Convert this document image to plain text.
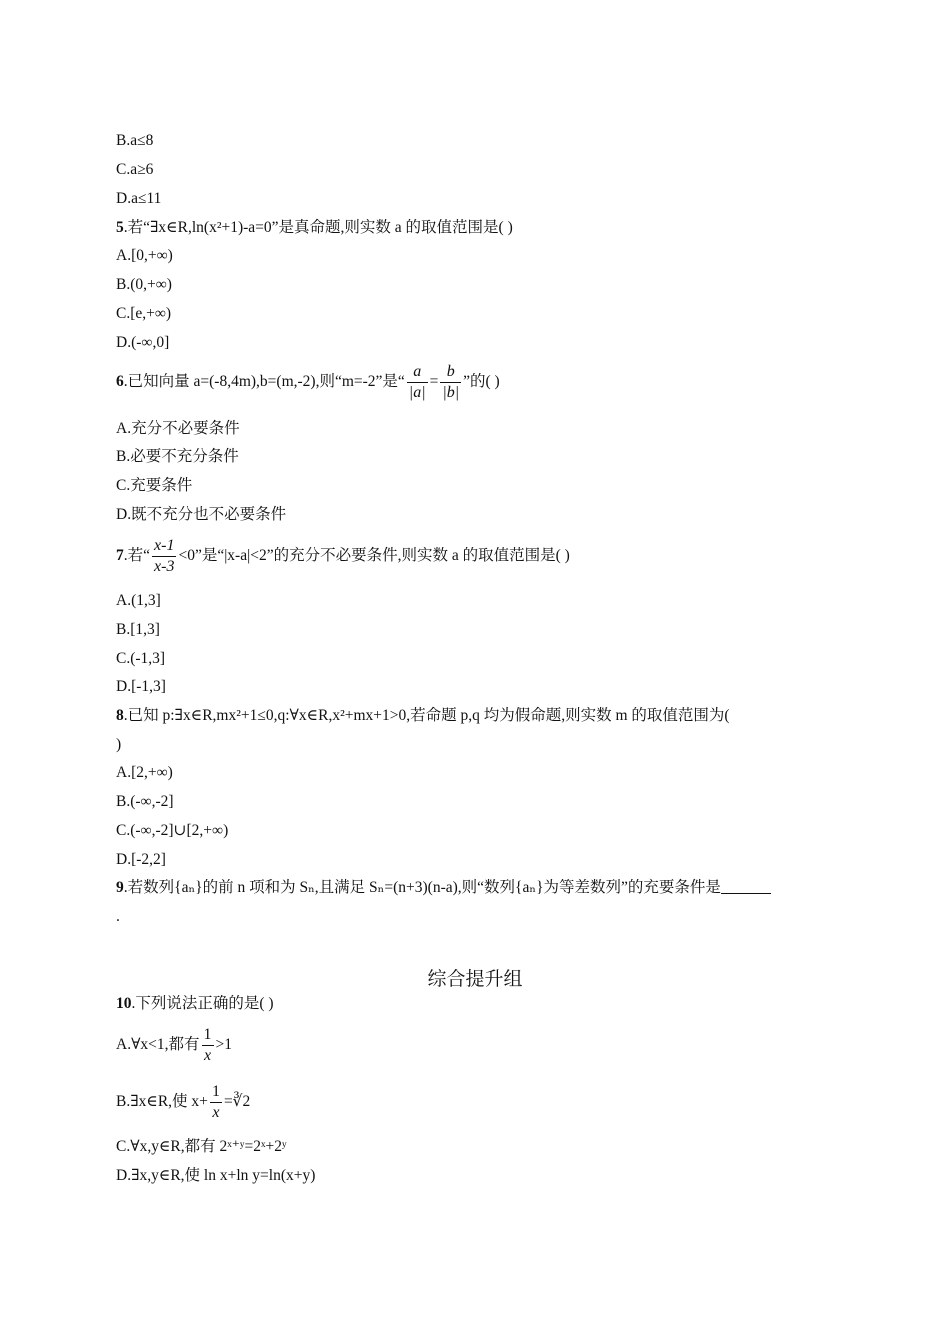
B.a≤8
C.a≥6
D.a≤11
5.若“∃x∈R,ln(x²+1)-a=0”是真命题,则实数 a 的取值范围是( )
A.[0,+∞)
B.(0,+∞)
C.[e,+∞)
D.(-∞,0]
6.已知向量 a=(-8,4m),b=(m,-2),则“m=-2”是“ $\frac{a}{|a|} = \frac{b}{|b|}$ ”的( )
A.充分不必要条件
B.必要不充分条件
C.充要条件
D.既不充分也不必要条件
7.若“ $\frac{x-1}{x-3} <0$”是“|x-a|<2”的充分不必要条件,则实数 a 的取值范围是( )
A.(1,3]
B.[1,3]
C.(-1,3]
D.[-1,3]
8.已知 p:∃x∈R,mx²+1≤0,q:∀x∈R,x²+mx+1>0,若命题 p,q 均为假命题,则实数 m 的取值范围为(
)
A.[2,+∞)
B.(-∞,-2]
C.(-∞,-2]∪[2,+∞)
D.[-2,2]
9.若数列{aₙ}的前 n 项和为 Sₙ,且满足 Sₙ=(n+3)(n-a),则“数列{aₙ}为等差数列”的充要条件是
.
综合提升组
10.下列说法正确的是( )
A.∀x<1,都有 $\frac{1}{x} >1$
B.∃x∈R,使 $x+ \frac{1}{x}$ =∛2
C.∀x,y∈R,都有 2ˣ⁺ʸ=2ˣ+2ʸ
D.∃x,y∈R,使 ln x+ln y=ln(x+y)
